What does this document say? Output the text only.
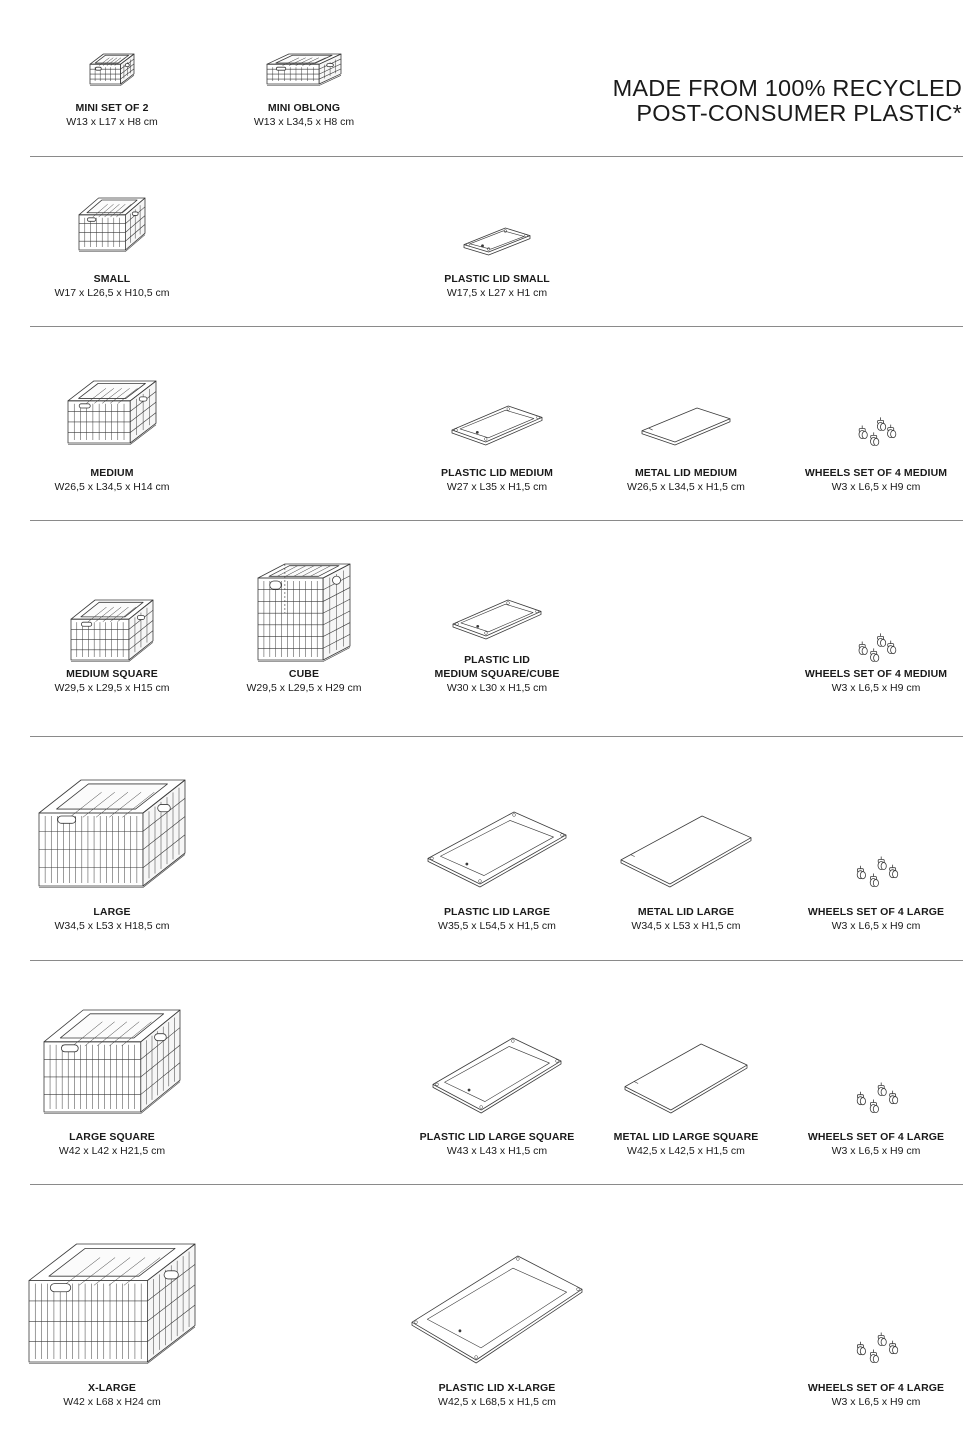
MADE FROM 100% RECYCLED
POST-CONSUMER PLASTIC*
MINI SET OF 2
W13 x L17 x H8 cm
MINI OBLONG
W13 x L34,5 x H8 cm
SMALL
W17 x L26,5 x H10,5 cm
PLASTIC LID SMALL
W17,5 x L27 x H1 cm
MEDIUM
W26,5 x L34,5 x H14 cm
PLASTIC LID MEDIUM
W27 x L35 x H1,5 cm
METAL LID MEDIUM
W26,5 x L34,5 x H1,5 cm
WHEELS SET OF 4 MEDIUM
W3 x L6,5 x H9 cm
MEDIUM SQUARE
W29,5 x L29,5 x H15 cm
CUBE
W29,5 x L29,5 x H29 cm
PLASTIC LID
MEDIUM SQUARE/CUBE
W30 x L30 x H1,5 cm
WHEELS SET OF 4 MEDIUM
W3 x L6,5 x H9 cm
LARGE
W34,5 x L53 x H18,5 cm
PLASTIC LID LARGE
W35,5 x L54,5 x H1,5 cm
METAL LID LARGE
W34,5 x L53 x H1,5 cm
WHEELS SET OF 4 LARGE
W3 x L6,5 x H9 cm
LARGE SQUARE
W42 x L42 x H21,5 cm
PLASTIC LID LARGE SQUARE
W43 x L43 x H1,5 cm
METAL LID LARGE SQUARE
W42,5 x L42,5 x H1,5 cm
WHEELS SET OF 4 LARGE
W3 x L6,5 x H9 cm
X-LARGE
W42 x L68 x H24 cm
PLASTIC LID X-LARGE
W42,5 x L68,5 x H1,5 cm
WHEELS SET OF 4 LARGE
W3 x L6,5 x H9 cm
